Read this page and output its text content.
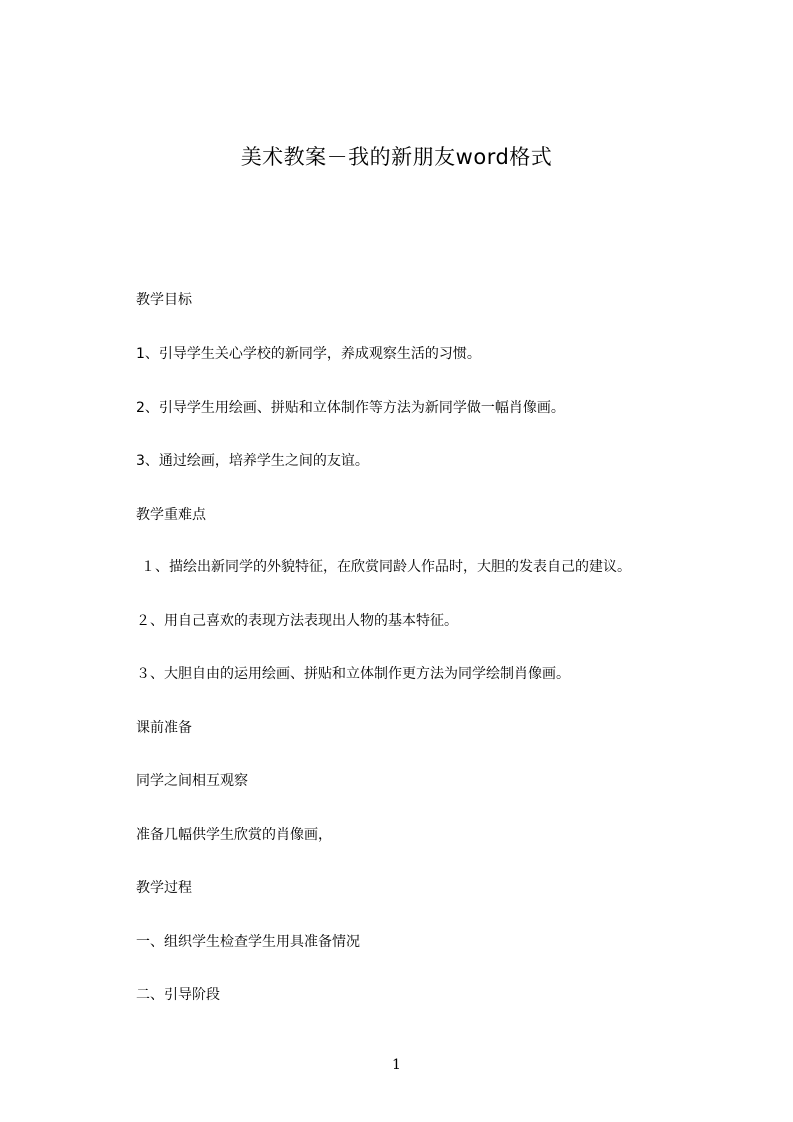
美术教案－我的新朋友word格式
教学目标
1、引导学生关心学校的新同学，养成观察生活的习惯。
2、引导学生用绘画、拼贴和立体制作等方法为新同学做一幅肖像画。
3、通过绘画，培养学生之间的友谊。
教学重难点
１、描绘出新同学的外貌特征，在欣赏同龄人作品时，大胆的发表自己的建议。
２、用自己喜欢的表现方法表现出人物的基本特征。
３、大胆自由的运用绘画、拼贴和立体制作更方法为同学绘制肖像画。
课前准备
同学之间相互观察
准备几幅供学生欣赏的肖像画，
教学过程
一、组织学生检查学生用具准备情况
二、引导阶段
1
